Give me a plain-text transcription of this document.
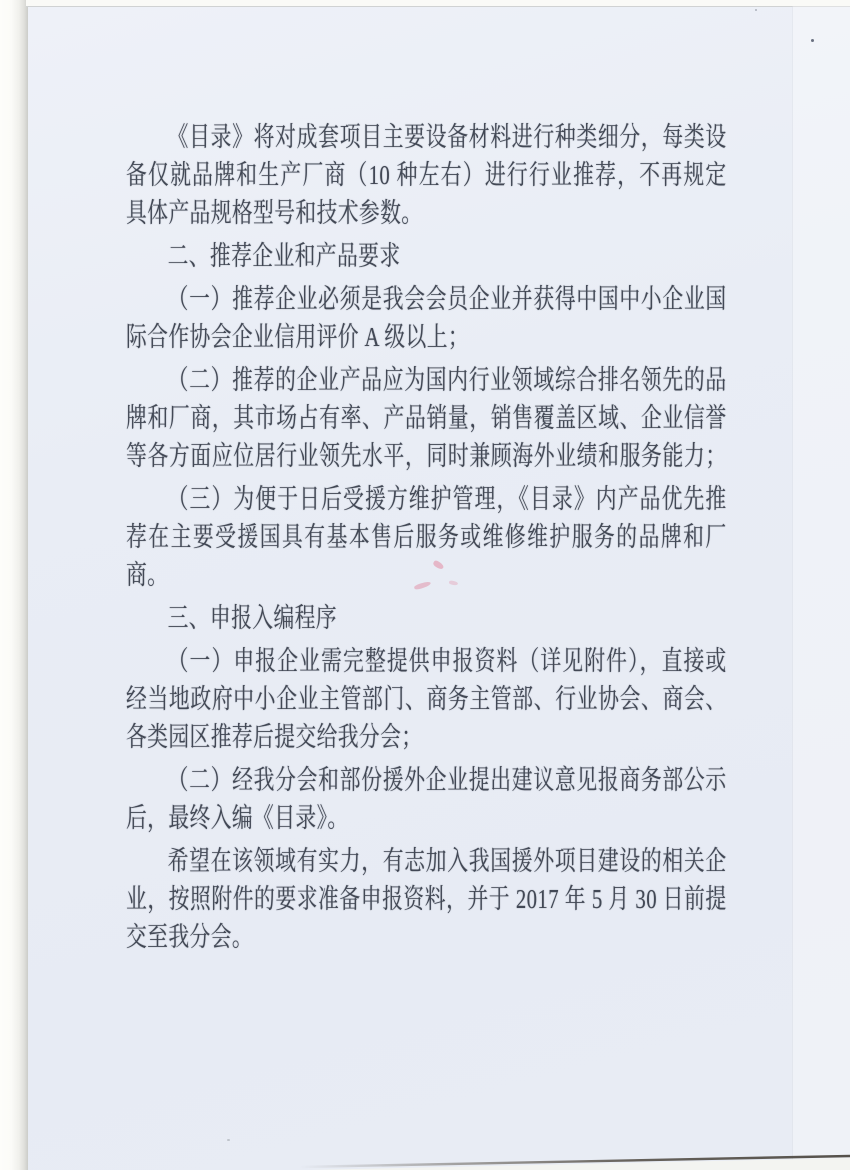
《目录》将对成套项目主要设备材料进行种类细分，每类设
备仅就品牌和生产厂商（10 种左右）进行行业推荐，不再规定
具体产品规格型号和技术参数。
二、推荐企业和产品要求
（一）推荐企业必须是我会会员企业并获得中国中小企业国
际合作协会企业信用评价 A 级以上；
（二）推荐的企业产品应为国内行业领域综合排名领先的品
牌和厂商，其市场占有率、产品销量，销售覆盖区域、企业信誉
等各方面应位居行业领先水平，同时兼顾海外业绩和服务能力；
（三）为便于日后受援方维护管理，《目录》内产品优先推
荐在主要受援国具有基本售后服务或维修维护服务的品牌和厂
商。
三、申报入编程序
（一）申报企业需完整提供申报资料（详见附件），直接或
经当地政府中小企业主管部门、商务主管部、行业协会、商会、
各类园区推荐后提交给我分会；
（二）经我分会和部份援外企业提出建议意见报商务部公示
后，最终入编《目录》。
希望在该领域有实力，有志加入我国援外项目建设的相关企
业，按照附件的要求准备申报资料，并于 2017 年 5 月 30 日前提
交至我分会。
